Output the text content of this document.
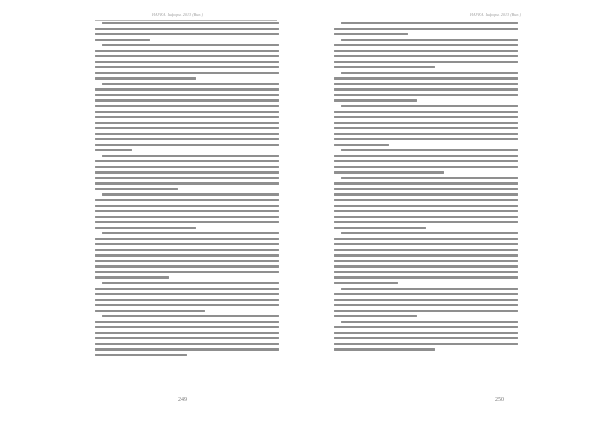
НАУКА. Інформ. 2013 (Вип.)
249
НАУКА. Інформ. 2013 (Вип.)
250
